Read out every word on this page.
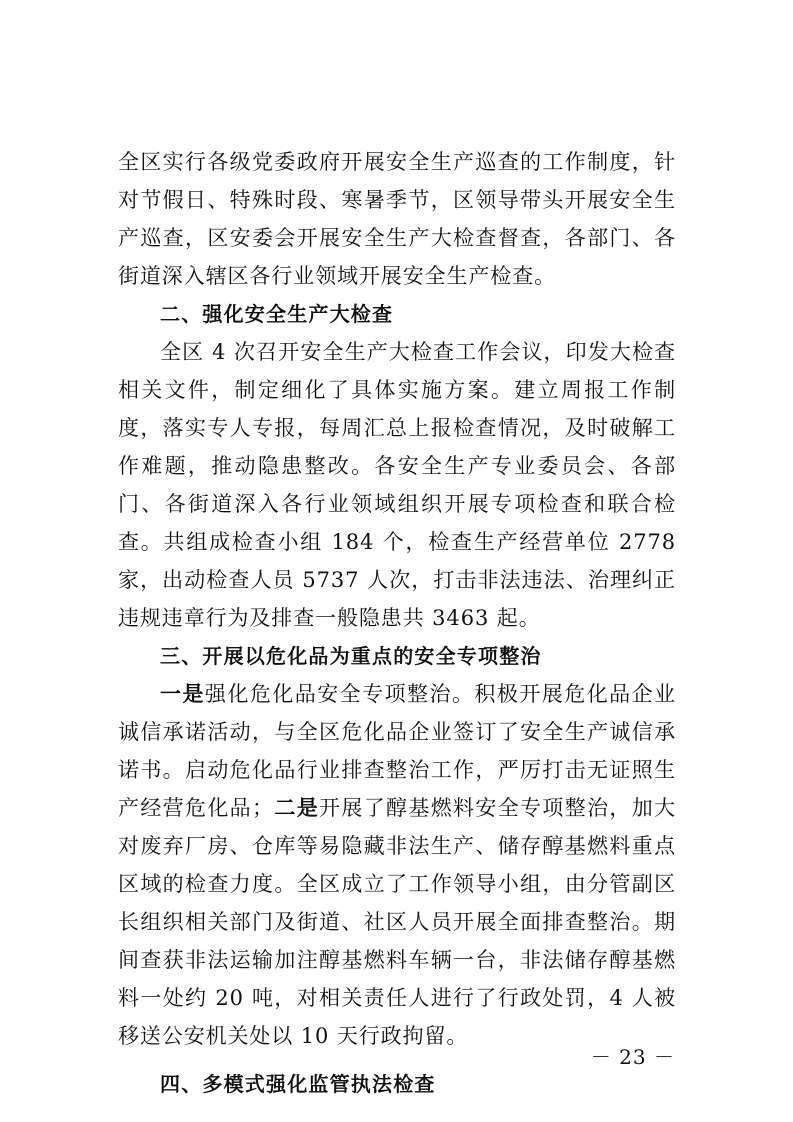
全区实行各级党委政府开展安全生产巡查的工作制度，针对节假日、特殊时段、寒暑季节，区领导带头开展安全生产巡查，区安委会开展安全生产大检查督查，各部门、各街道深入辖区各行业领域开展安全生产检查。

二、强化安全生产大检查

全区 4 次召开安全生产大检查工作会议，印发大检查相关文件，制定细化了具体实施方案。建立周报工作制度，落实专人专报，每周汇总上报检查情况，及时破解工作难题，推动隐患整改。各安全生产专业委员会、各部门、各街道深入各行业领域组织开展专项检查和联合检查。共组成检查小组 184 个，检查生产经营单位 2778 家，出动检查人员 5737 人次，打击非法违法、治理纠正违规违章行为及排查一般隐患共 3463 起。

三、开展以危化品为重点的安全专项整治

一是强化危化品安全专项整治。积极开展危化品企业诚信承诺活动，与全区危化品企业签订了安全生产诚信承诺书。启动危化品行业排查整治工作，严厉打击无证照生产经营危化品；二是开展了醇基燃料安全专项整治，加大对废弃厂房、仓库等易隐藏非法生产、储存醇基燃料重点区域的检查力度。全区成立了工作领导小组，由分管副区长组织相关部门及街道、社区人员开展全面排查整治。期间查获非法运输加注醇基燃料车辆一台，非法储存醇基燃料一处约 20 吨，对相关责任人进行了行政处罚，4 人被移送公安机关处以 10 天行政拘留。

四、多模式强化监管执法检查

－ 23 －
